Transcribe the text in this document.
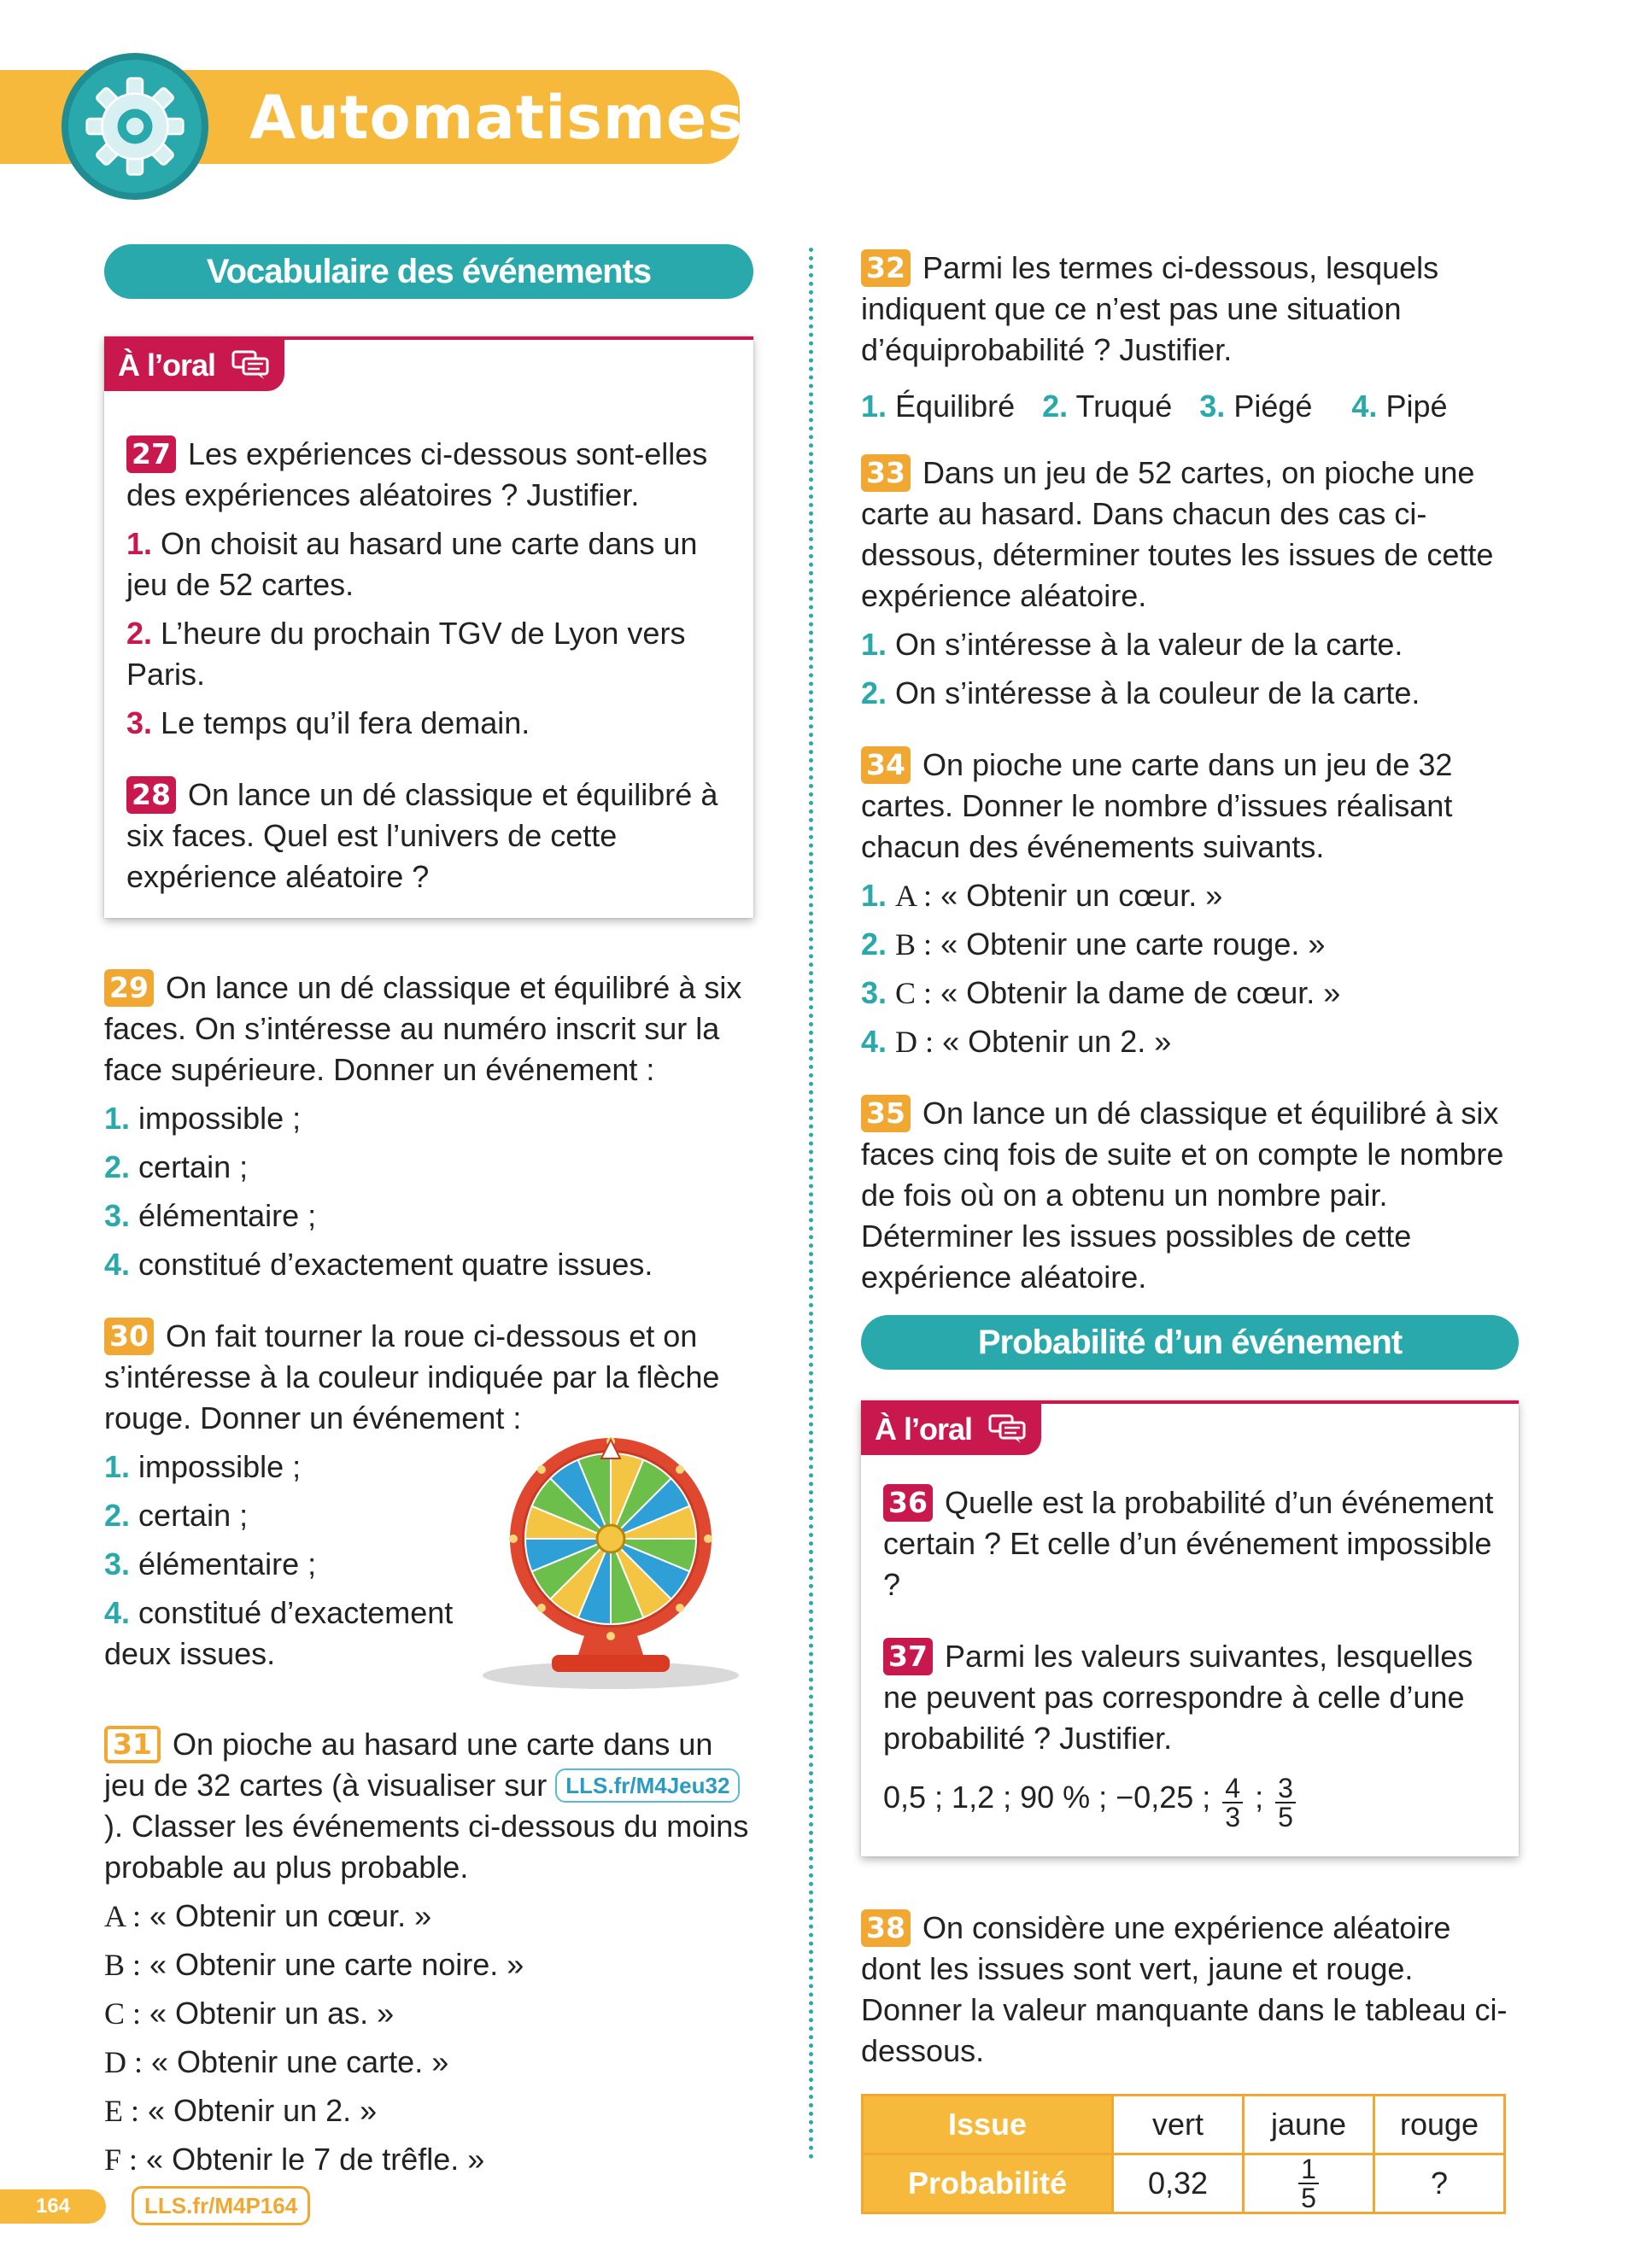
Automatismes
Vocabulaire des événements
À l’oral

27 Les expériences ci-dessous sont-elles des expériences aléatoires ? Justifier.

1. On choisit au hasard une carte dans un jeu de 52 cartes.
2. L’heure du prochain TGV de Lyon vers Paris.
3. Le temps qu’il fera demain.

28 On lance un dé classique et équilibré à six faces. Quel est l’univers de cette expérience aléatoire ?

29 On lance un dé classique et équilibré à six faces. On s’intéresse au numéro inscrit sur la face supérieure. Donner un événement :

1. impossible ;
2. certain ;
3. élémentaire ;
4. constitué d’exactement quatre issues.

30 On fait tourner la roue ci-dessous et on s’intéresse à la couleur indiquée par la flèche rouge. Donner un événement :

1. impossible ;
2. certain ;
3. élémentaire ;
4. constitué d’exactement deux issues.

31 On pioche au hasard une carte dans un jeu de 32 cartes (à visualiser sur LLS.fr/M4Jeu32). Classer les événements ci-dessous du moins probable au plus probable.

A : « Obtenir un cœur. »
B : « Obtenir une carte noire. »
C : « Obtenir un as. »
D : « Obtenir une carte. »
E : « Obtenir un 2. »
F : « Obtenir le 7 de trêfle. »

32 Parmi les termes ci-dessous, lesquels indiquent que ce n’est pas une situation d’équiprobabilité ? Justifier.

1. Équilibré 2. Truqué 3. Piégé 4. Pipé

33 Dans un jeu de 52 cartes, on pioche une carte au hasard. Dans chacun des cas ci-dessous, déterminer toutes les issues de cette expérience aléatoire.

1. On s’intéresse à la valeur de la carte.
2. On s’intéresse à la couleur de la carte.

34 On pioche une carte dans un jeu de 32 cartes. Donner le nombre d’issues réalisant chacun des événements suivants.

1. A : « Obtenir un cœur. »
2. B : « Obtenir une carte rouge. »
3. C : « Obtenir la dame de cœur. »
4. D : « Obtenir un 2. »

35 On lance un dé classique et équilibré à six faces cinq fois de suite et on compte le nombre de fois où on a obtenu un nombre pair. Déterminer les issues possibles de cette expérience aléatoire.

Probabilité d’un événement
À l’oral

36 Quelle est la probabilité d’un événement certain ? Et celle d’un événement impossible ?

37 Parmi les valeurs suivantes, lesquelles ne peuvent pas correspondre à celle d’une probabilité ? Justifier.

0,5 ; 1,2 ; 90 % ; −0,25 ; $\frac{4}{3}$ ; $\frac{3}{5}$

38 On considère une expérience aléatoire dont les issues sont vert, jaune et rouge. Donner la valeur manquante dans le tableau ci-dessous.

Issue	vert	jaune	rouge
Probabilité	0,32	$\frac{1}{5}$	?
164	LLS.fr/M4P164
